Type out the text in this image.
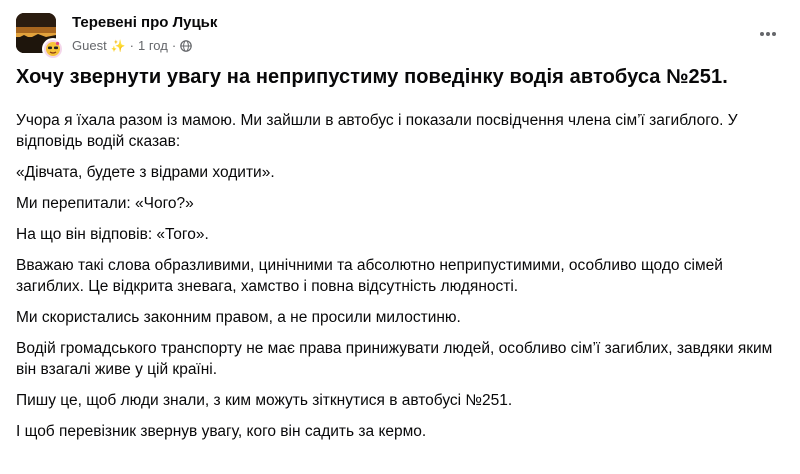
Теревені про Луцьк
Guest ✨ · 1 год ·
Хочу звернути увагу на неприпустиму поведінку водія автобуса №251.

Учора я їхала разом із мамою. Ми зайшли в автобус і показали посвідчення члена сім’ї загиблого. У відповідь водій сказав:

«Дівчата, будете з відрами ходити».

Ми перепитали: «Чого?»

На що він відповів: «Того».

Вважаю такі слова образливими, цинічними та абсолютно неприпустимими, особливо щодо сімей загиблих. Це відкрита зневага, хамство і повна відсутність людяності.

Ми скористались законним правом, а не просили милостиню.

Водій громадського транспорту не має права принижувати людей, особливо сім’ї загиблих, завдяки яким він взагалі живе у цій країні.

Пишу це, щоб люди знали, з ким можуть зіткнутися в автобусі №251.

І щоб перевізник звернув увагу, кого він садить за кермо.
